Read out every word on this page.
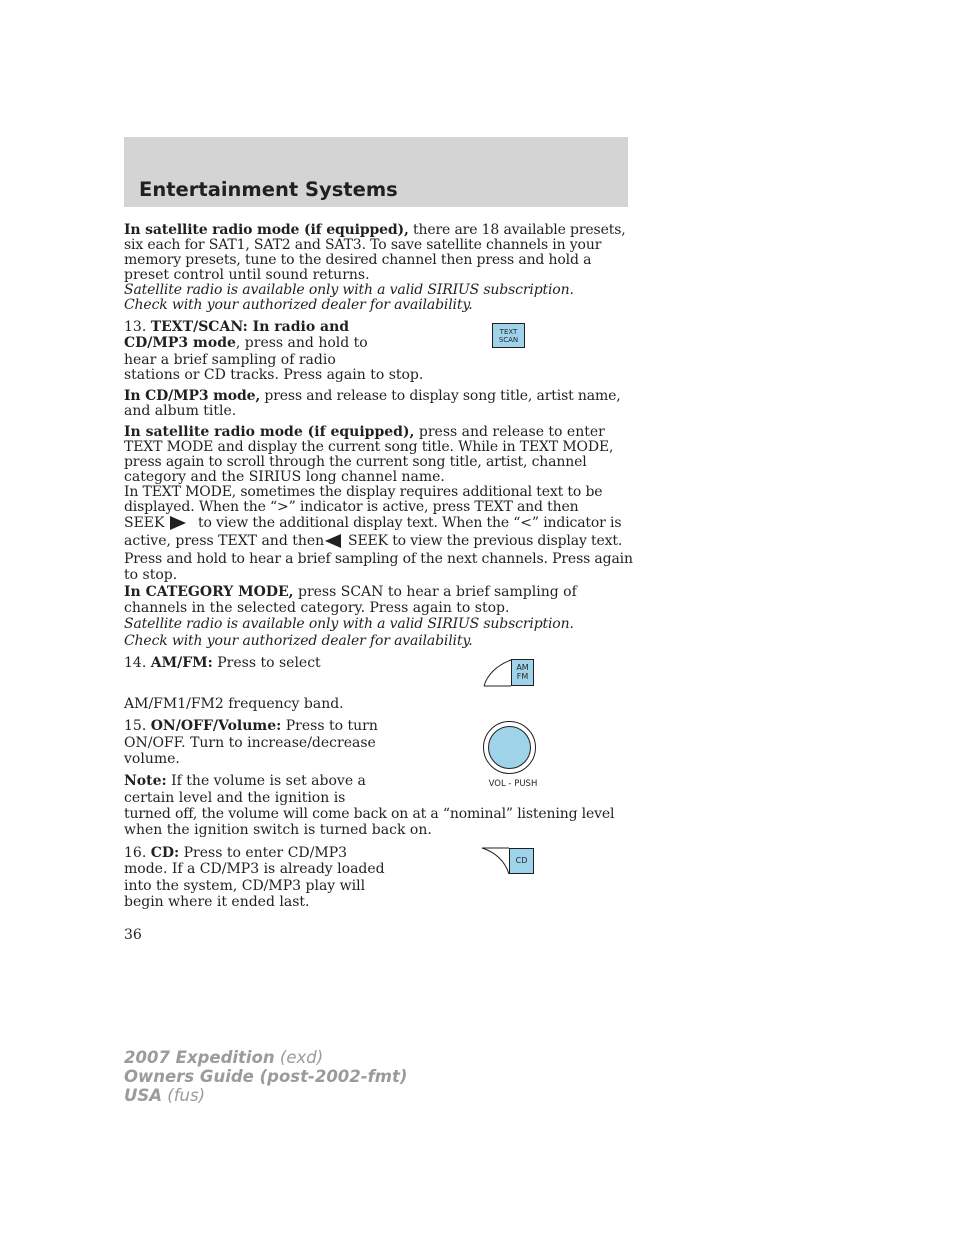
Entertainment Systems

In satellite radio mode (if equipped), there are 18 available presets,

six each for SAT1, SAT2 and SAT3. To save satellite channels in your

memory presets, tune to the desired channel then press and hold a

preset control until sound returns.

Satellite radio is available only with a valid SIRIUS subscription.

Check with your authorized dealer for availability.

13. TEXT/SCAN: In radio and

CD/MP3 mode, press and hold to

hear a brief sampling of radio

stations or CD tracks. Press again to stop.

TEXT
SCAN

In CD/MP3 mode, press and release to display song title, artist name,

and album title.

In satellite radio mode (if equipped), press and release to enter

TEXT MODE and display the current song title. While in TEXT MODE,

press again to scroll through the current song title, artist, channel

category and the SIRIUS long channel name.

In TEXT MODE, sometimes the display requires additional text to be

displayed. When the “>” indicator is active, press TEXT and then

SEEK to view the additional display text. When the “<” indicator is

active, press TEXT and then SEEK to view the previous display text.

Press and hold to hear a brief sampling of the next channels. Press again

to stop.

In CATEGORY MODE, press SCAN to hear a brief sampling of

channels in the selected category. Press again to stop.

Satellite radio is available only with a valid SIRIUS subscription.

Check with your authorized dealer for availability.

14. AM/FM: Press to select

AM/FM1/FM2 frequency band.

AM
FM

15. ON/OFF/Volume: Press to turn

ON/OFF. Turn to increase/decrease

volume.

Note: If the volume is set above a

certain level and the ignition is

turned off, the volume will come back on at a “nominal” listening level

when the ignition switch is turned back on.

VOL - PUSH

16. CD: Press to enter CD/MP3

mode. If a CD/MP3 is already loaded

into the system, CD/MP3 play will

begin where it ended last.

CD

36

2007 Expedition (exd)
Owners Guide (post-2002-fmt)
USA (fus)
